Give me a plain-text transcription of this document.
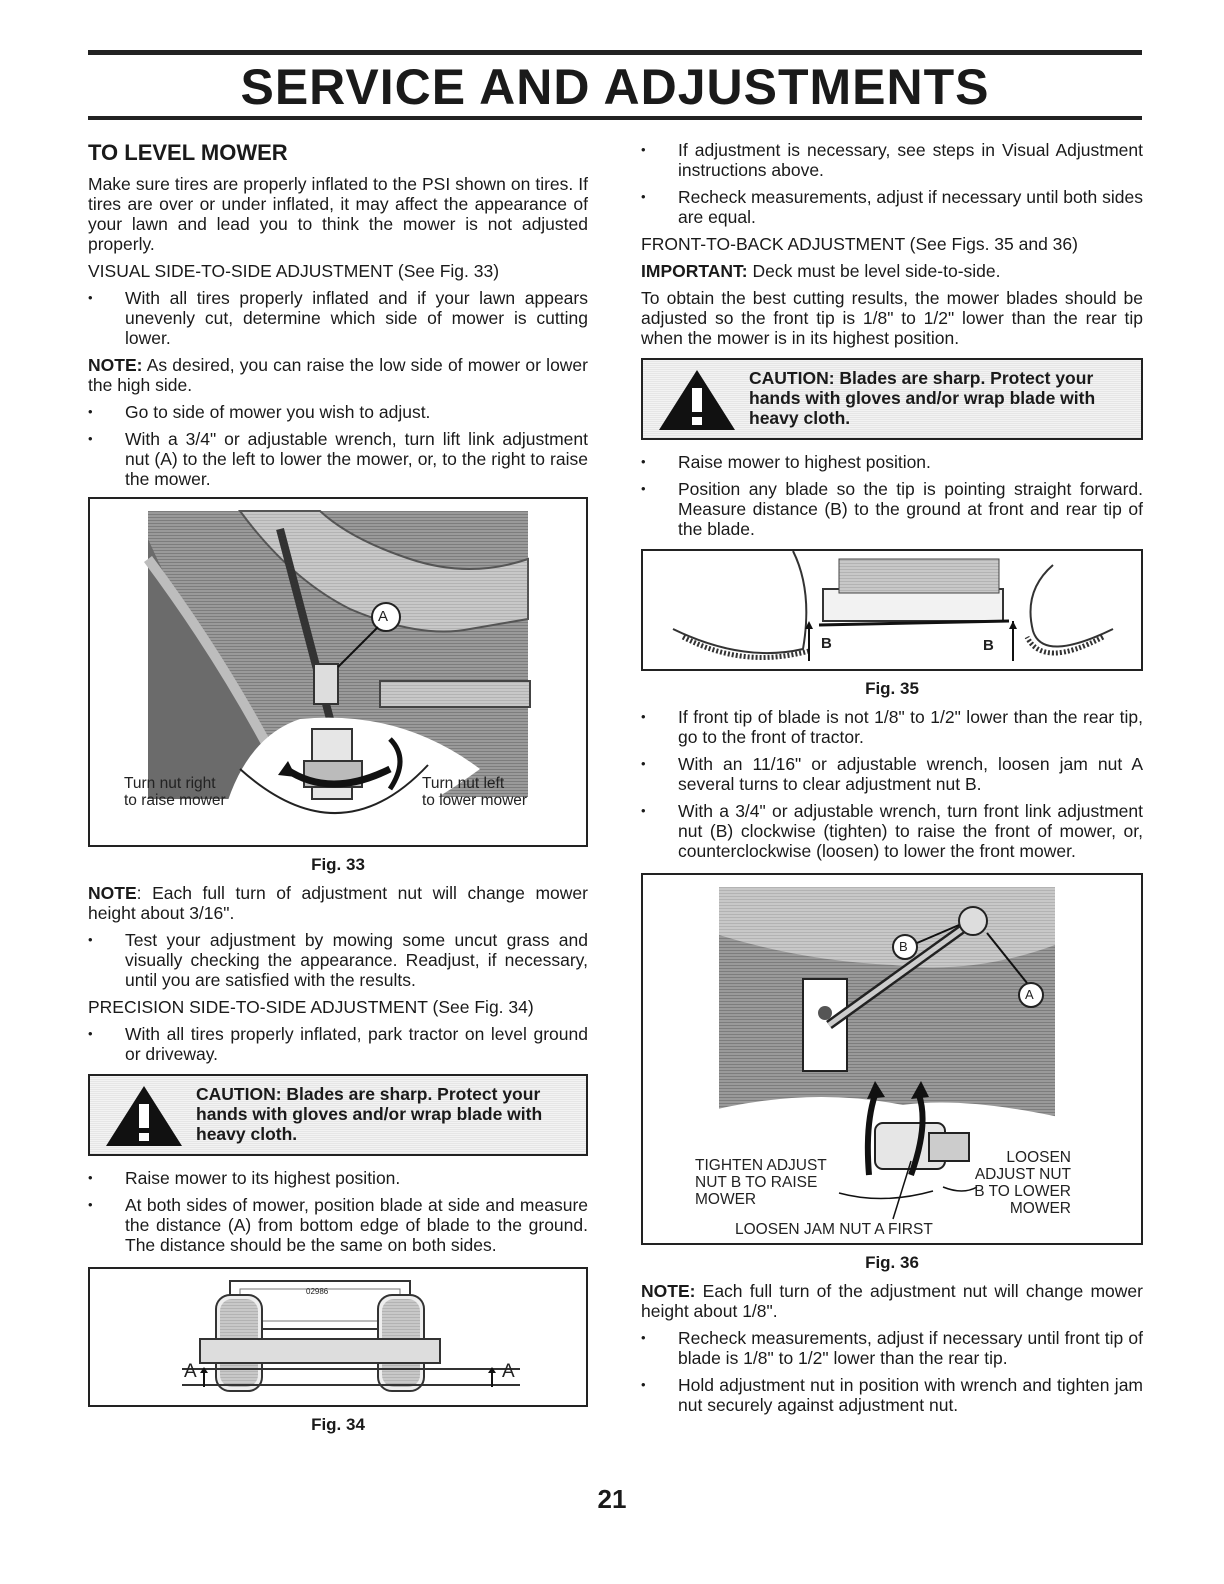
SERVICE AND ADJUSTMENTS
TO LEVEL MOWER

Make sure tires are properly inflated to the PSI shown on tires. If tires are over or under inflated, it may affect the appearance of your lawn and lead you to think the mower is not adjusted properly.

VISUAL SIDE-TO-SIDE ADJUSTMENT (See Fig. 33)
• With all tires properly inflated and if your lawn appears unevenly cut, determine which side of mower is cutting lower.

NOTE: As desired, you can raise the low side of mower or lower the high side.

• Go to side of mower you wish to adjust.
• With a 3/4" or adjustable wrench, turn lift link adjustment nut (A) to the left to lower the mower, or, to the right to raise the mower.
A
Turn nut right
to raise mower
Turn nut left
to lower mower
Fig. 33

NOTE: Each full turn of adjustment nut will change mower height about 3/16".

• Test your adjustment by mowing some uncut grass and visually checking the appearance. Readjust, if necessary, until you are satisfied with the results.
PRECISION SIDE-TO-SIDE ADJUSTMENT (See Fig. 34)
• With all tires properly inflated, park tractor on level ground or driveway.
CAUTION: Blades are sharp. Protect your hands with gloves and/or wrap blade with heavy cloth.
• Raise mower to its highest position.
• At both sides of mower, position blade at side and measure the distance (A) from bottom edge of blade to the ground. The distance should be the same on both sides.
02986
A	A
Fig. 34
• If adjustment is necessary, see steps in Visual Adjustment instructions above.
• Recheck measurements, adjust if necessary until both sides are equal.
FRONT-TO-BACK ADJUSTMENT (See Figs. 35 and 36)

IMPORTANT: Deck must be level side-to-side.

To obtain the best cutting results, the mower blades should be adjusted so the front tip is 1/8" to 1/2" lower than the rear tip when the mower is in its highest position.

CAUTION: Blades are sharp. Protect your hands with gloves and/or wrap blade with heavy cloth.
• Raise mower to highest position.
• Position any blade so the tip is pointing straight forward. Measure distance (B) to the ground at front and rear tip of the blade.
B	B
Fig. 35
• If front tip of blade is not 1/8" to 1/2" lower than the rear tip, go to the front of tractor.
• With an 11/16" or adjustable wrench, loosen jam nut A several turns to clear adjustment nut B.
• With a 3/4" or adjustable wrench, turn front link adjustment nut (B) clockwise (tighten) to raise the front of mower, or, counterclockwise (loosen) to lower the front mower.
B
A
TIGHTEN ADJUST
NUT B TO RAISE
MOWER
LOOSEN
ADJUST NUT
B TO LOWER
MOWER
LOOSEN JAM NUT A FIRST
Fig. 36

NOTE: Each full turn of the adjustment nut will change mower height about 1/8".

• Recheck measurements, adjust if necessary until front tip of blade is 1/8" to 1/2" lower than the rear tip.
• Hold adjustment nut in position with wrench and tighten jam nut securely against adjustment nut.
21
